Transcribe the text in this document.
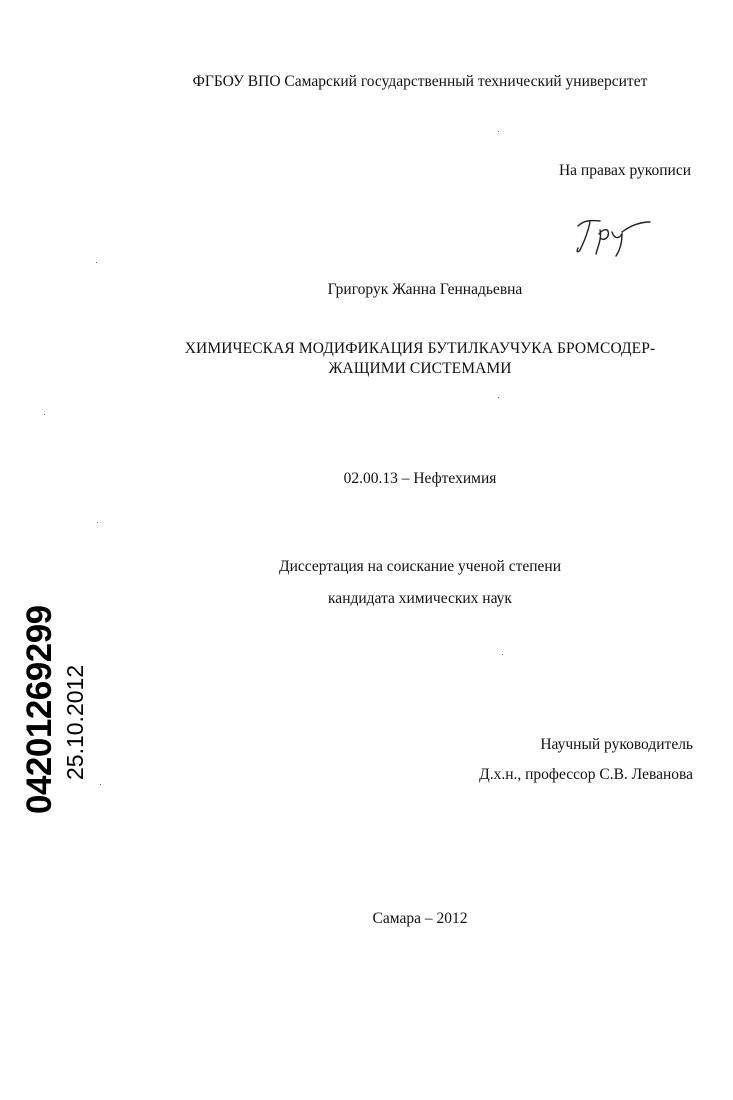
ФГБОУ ВПО Самарский государственный технический университет
На правах рукописи
Григорук Жанна Геннадьевна
ХИМИЧЕСКАЯ МОДИФИКАЦИЯ БУТИЛКАУЧУКА БРОМСОДЕР-
ЖАЩИМИ СИСТЕМАМИ
02.00.13 – Нефтехимия
Диссертация на соискание ученой степени
кандидата химических наук
Научный руководитель
Д.х.н., профессор С.В. Леванова
Самара – 2012
04201269299 25.10.2012
